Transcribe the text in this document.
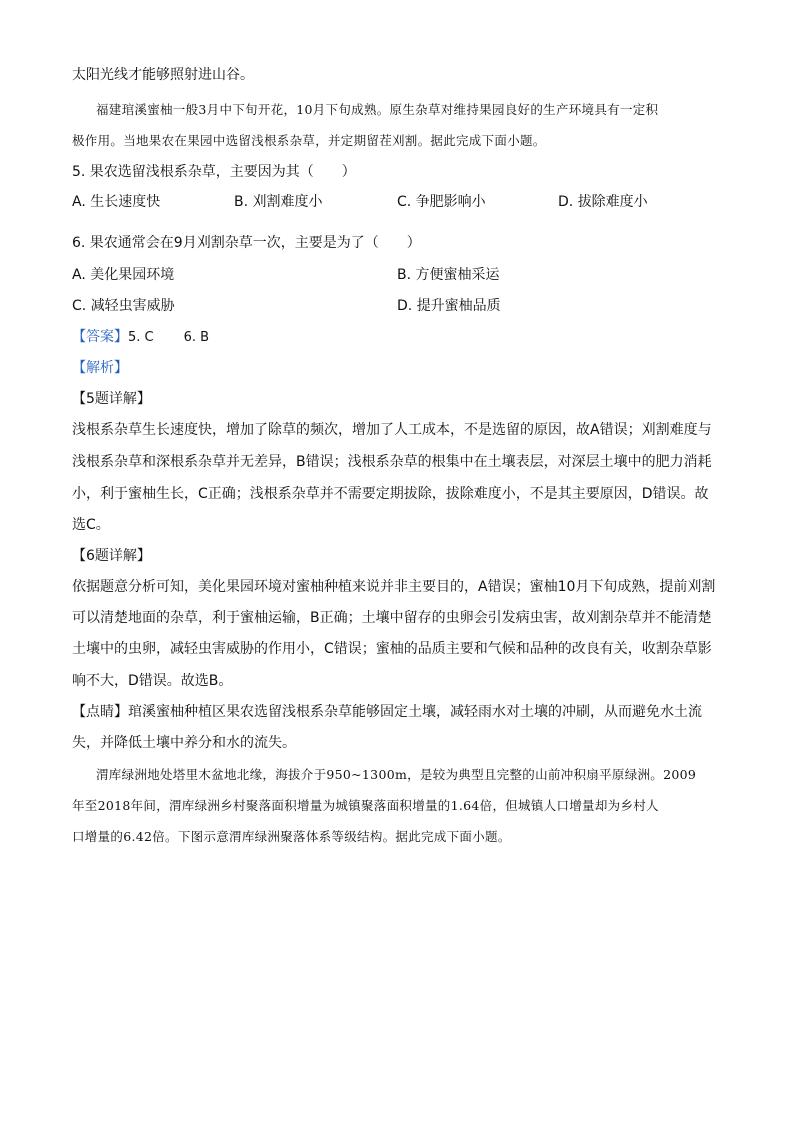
太阳光线才能够照射进山谷。
福建琯溪蜜柚一般3月中下旬开花，10月下旬成熟。原生杂草对维持果园良好的生产环境具有一定积
极作用。当地果农在果园中选留浅根系杂草，并定期留茬刈割。据此完成下面小题。
5. 果农选留浅根系杂草，主要因为其（　　）
A. 生长速度快	B. 刈割难度小	C. 争肥影响小	D. 拔除难度小
6. 果农通常会在9月刈割杂草一次，主要是为了（　　）
A. 美化果园环境	B. 方便蜜柚采运
C. 减轻虫害威胁	D. 提升蜜柚品质
【答案】5. C 6. B
【解析】
【5题详解】
浅根系杂草生长速度快，增加了除草的频次，增加了人工成本，不是选留的原因，故A错误；刈割难度与
浅根系杂草和深根系杂草并无差异，B错误；浅根系杂草的根集中在土壤表层，对深层土壤中的肥力消耗
小，利于蜜柚生长，C正确；浅根系杂草并不需要定期拔除，拔除难度小，不是其主要原因，D错误。故
选C。
【6题详解】
依据题意分析可知，美化果园环境对蜜柚种植来说并非主要目的，A错误；蜜柚10月下旬成熟，提前刈割
可以清楚地面的杂草，利于蜜柚运输，B正确；土壤中留存的虫卵会引发病虫害，故刈割杂草并不能清楚
土壤中的虫卵，减轻虫害威胁的作用小，C错误；蜜柚的品质主要和气候和品种的改良有关，收割杂草影
响不大，D错误。故选B。
【点睛】琯溪蜜柚种植区果农选留浅根系杂草能够固定土壤，减轻雨水对土壤的冲刷，从而避免水土流
失，并降低土壤中养分和水的流失。
渭库绿洲地处塔里木盆地北缘，海拔介于950~1300m，是较为典型且完整的山前冲积扇平原绿洲。2009
年至2018年间，渭库绿洲乡村聚落面积增量为城镇聚落面积增量的1.64倍，但城镇人口增量却为乡村人
口增量的6.42倍。下图示意渭库绿洲聚落体系等级结构。据此完成下面小题。
